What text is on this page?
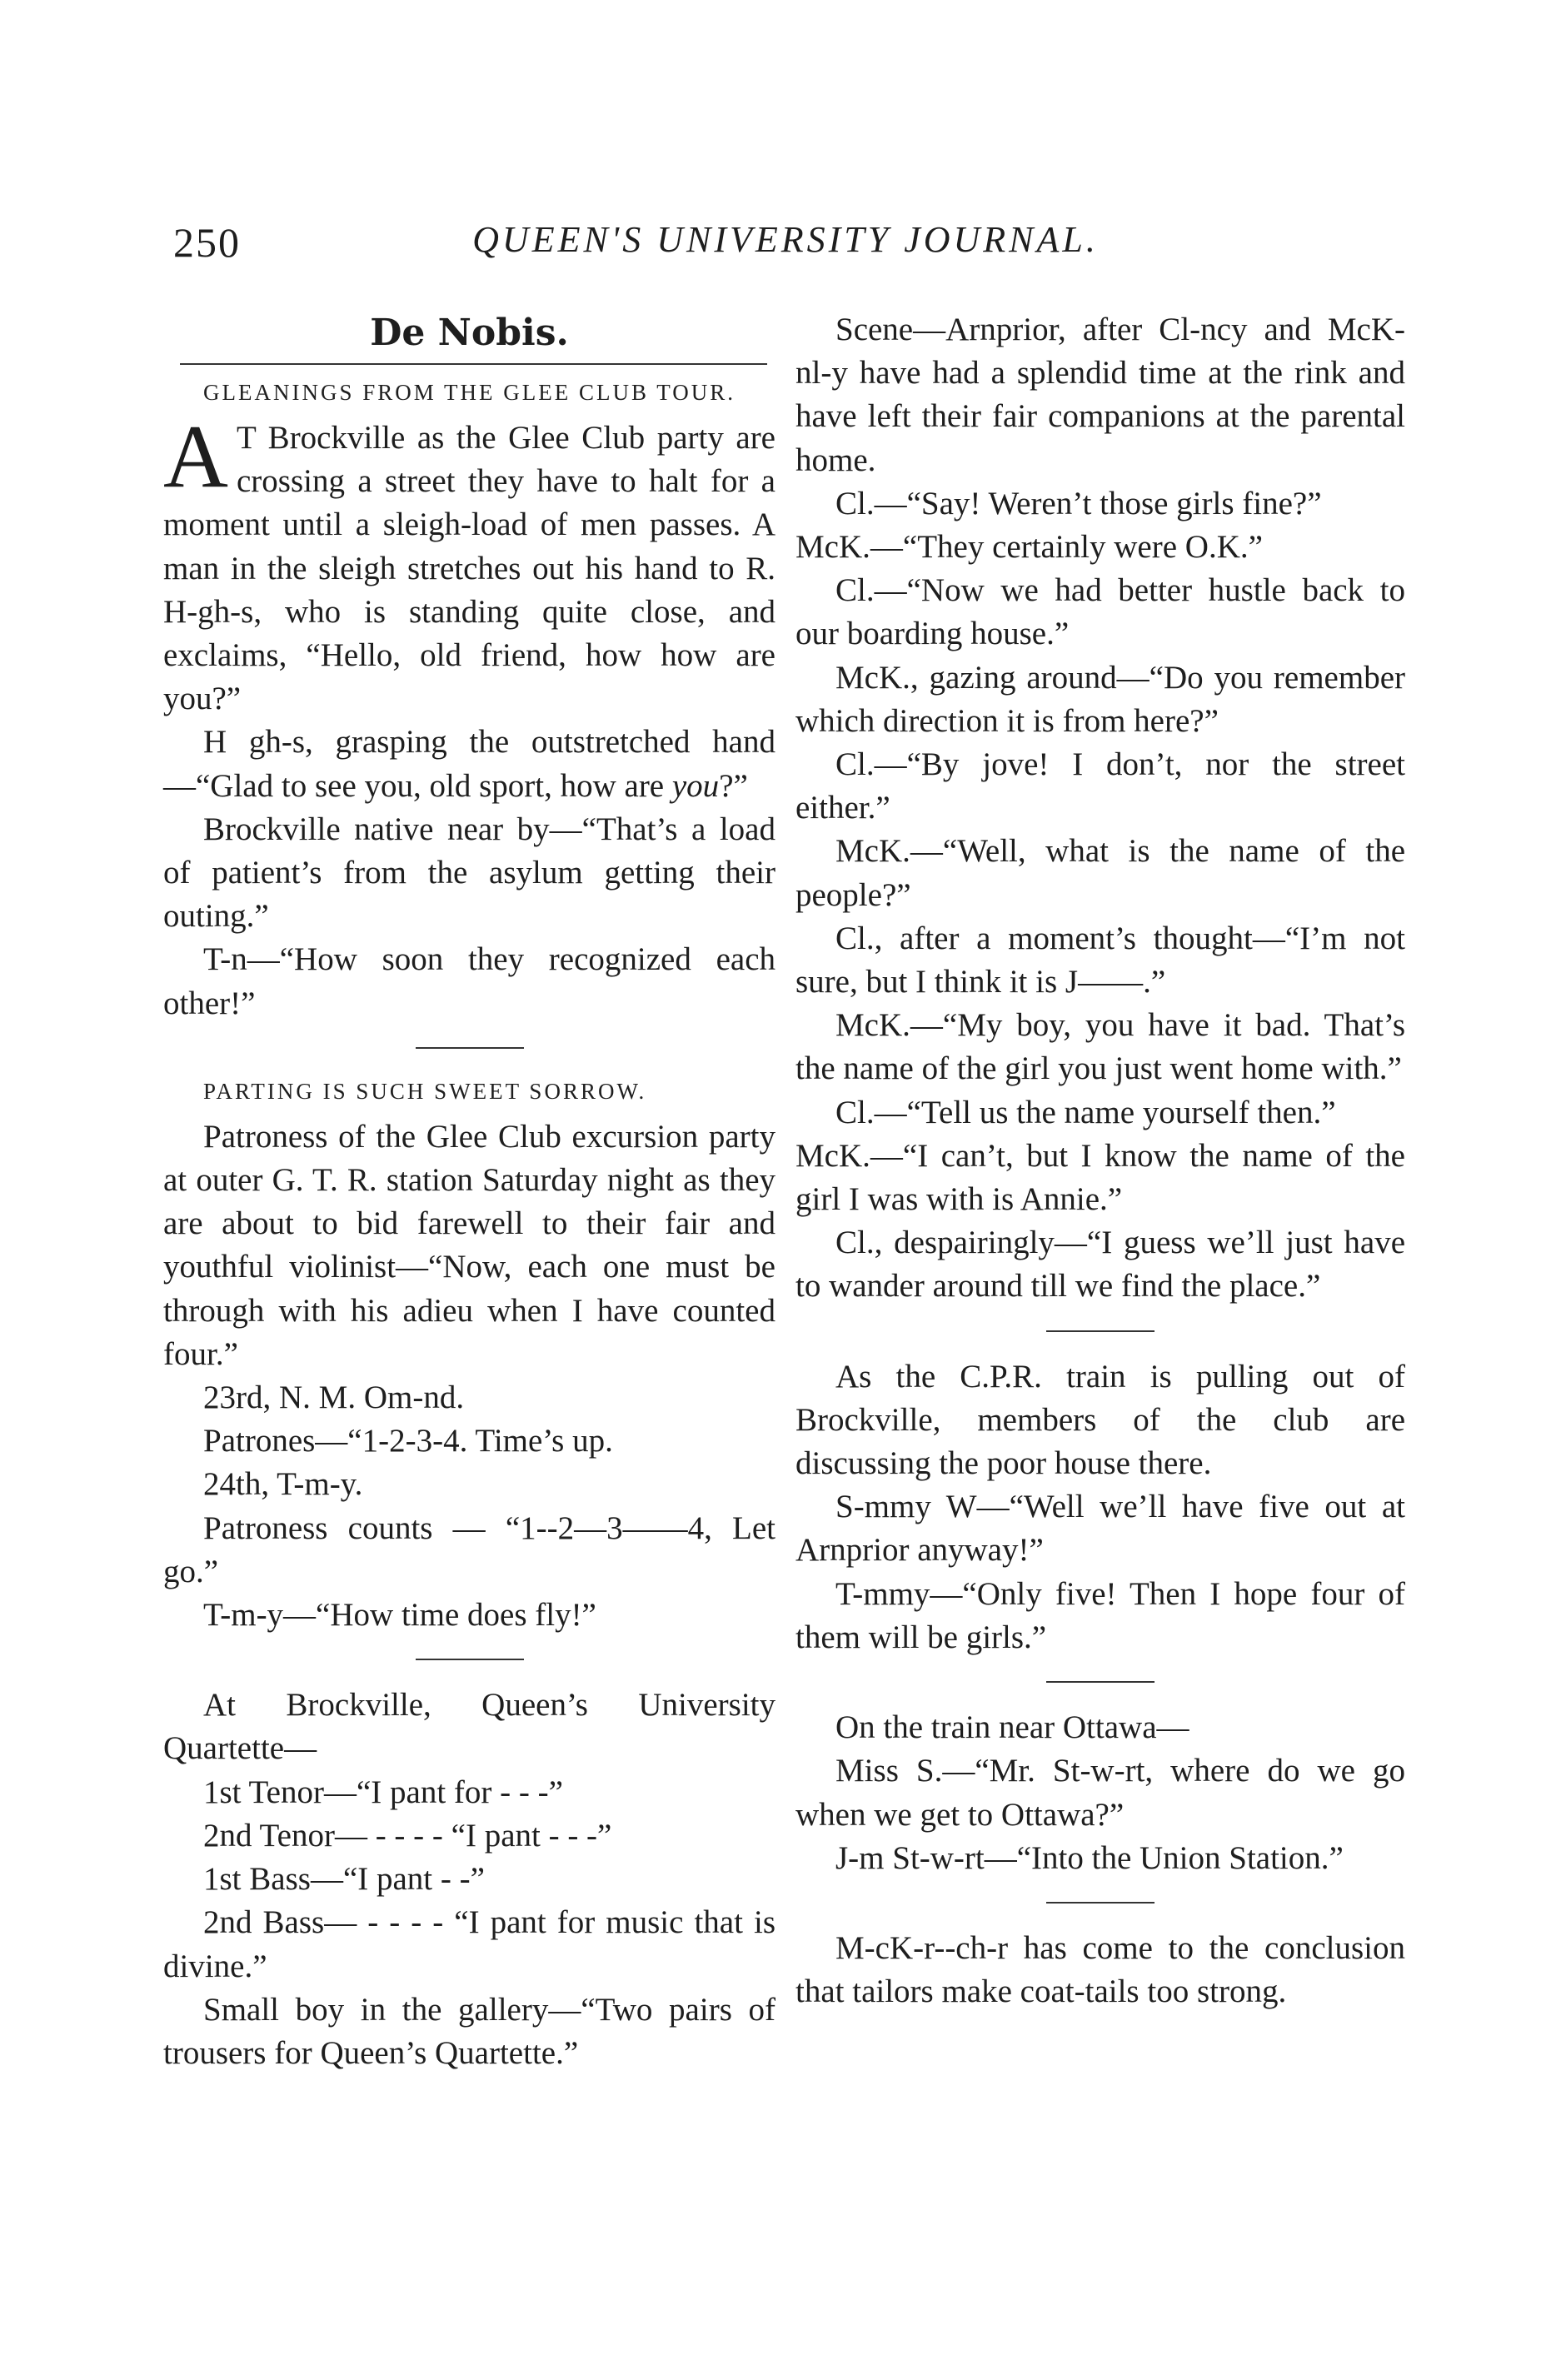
250	QUEEN'S UNIVERSITY JOURNAL.
De Nobis.
GLEANINGS FROM THE GLEE CLUB TOUR.

A T Brockville as the Glee Club party are crossing a street they have to halt for a moment until a sleigh-load of men passes. A man in the sleigh stretches out his hand to R. H-gh-s, who is standing quite close, and exclaims, “Hello, old friend, how how are you?”

H gh-s, grasping the outstretched hand—“Glad to see you, old sport, how are you?”

Brockville native near by—“That’s a load of patient’s from the asylum getting their outing.”

T-n—“How soon they recognized each other!”

PARTING IS SUCH SWEET SORROW.

Patroness of the Glee Club excursion party at outer G. T. R. station Saturday night as they are about to bid farewell to their fair and youthful violinist—“Now, each one must be through with his adieu when I have counted four.”

23rd, N. M. Om-nd.

Patrones—“1-2-3-4. Time’s up.

24th, T-m-y.

Patroness counts — “1--2—3——4, Let go.”

T-m-y—“How time does fly!”

At Brockville, Queen’s University Quartette—

1st Tenor—“I pant for - - -”

2nd Tenor— - - - - “I pant - - -”

1st Bass—“I pant - -”

2nd Bass— - - - - “I pant for music that is divine.”

Small boy in the gallery—“Two pairs of trousers for Queen’s Quartette.”

Scene—Arnprior, after Cl-ncy and McK-nl-y have had a splendid time at the rink and have left their fair companions at the parental home.

Cl.—“Say! Weren’t those girls fine?”

McK.—“They certainly were O.K.”

Cl.—“Now we had better hustle back to our boarding house.”

McK., gazing around—“Do you remember which direction it is from here?”

Cl.—“By jove! I don’t, nor the street either.”

McK.—“Well, what is the name of the people?”

Cl., after a moment’s thought—“I’m not sure, but I think it is J——.”

McK.—“My boy, you have it bad. That’s the name of the girl you just went home with.”

Cl.—“Tell us the name yourself then.”

McK.—“I can’t, but I know the name of the girl I was with is Annie.”

Cl., despairingly—“I guess we’ll just have to wander around till we find the place.”

As the C.P.R. train is pulling out of Brockville, members of the club are discussing the poor house there.

S-mmy W—“Well we’ll have five out at Arnprior anyway!”

T-mmy—“Only five! Then I hope four of them will be girls.”

On the train near Ottawa—

Miss S.—“Mr. St-w-rt, where do we go when we get to Ottawa?”

J-m St-w-rt—“Into the Union Station.”

M-cK-r--ch-r has come to the conclusion that tailors make coat-tails too strong.
